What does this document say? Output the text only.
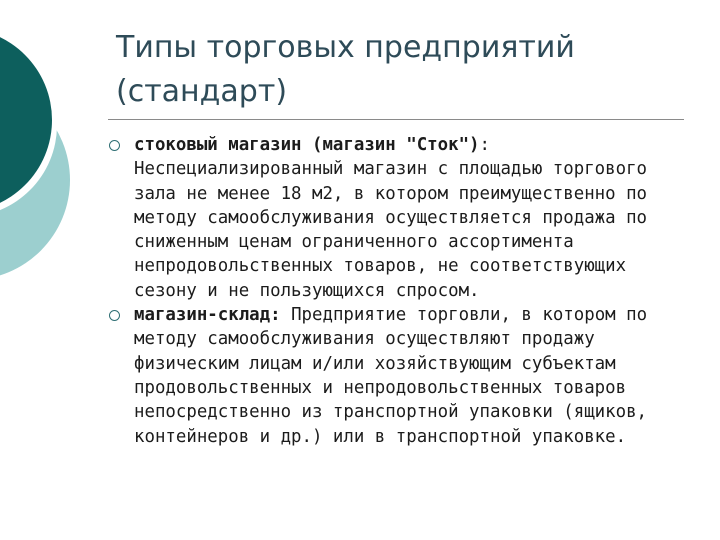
Типы торговых предприятий
(стандарт)
стоковый магазин (магазин "Сток"): Неспециализированный магазин с площадью торгового зала не менее 18 м2, в котором преимущественно по методу самообслуживания осуществляется продажа по сниженным ценам ограниченного ассортимента непродовольственных товаров, не соответствующих сезону и не пользующихся спросом.
магазин-склад: Предприятие торговли, в котором по методу самообслуживания осуществляют продажу физическим лицам и/или хозяйствующим субъектам продовольственных и непродовольственных товаров непосредственно из транспортной упаковки (ящиков, контейнеров и др.) или в транспортной упаковке.
